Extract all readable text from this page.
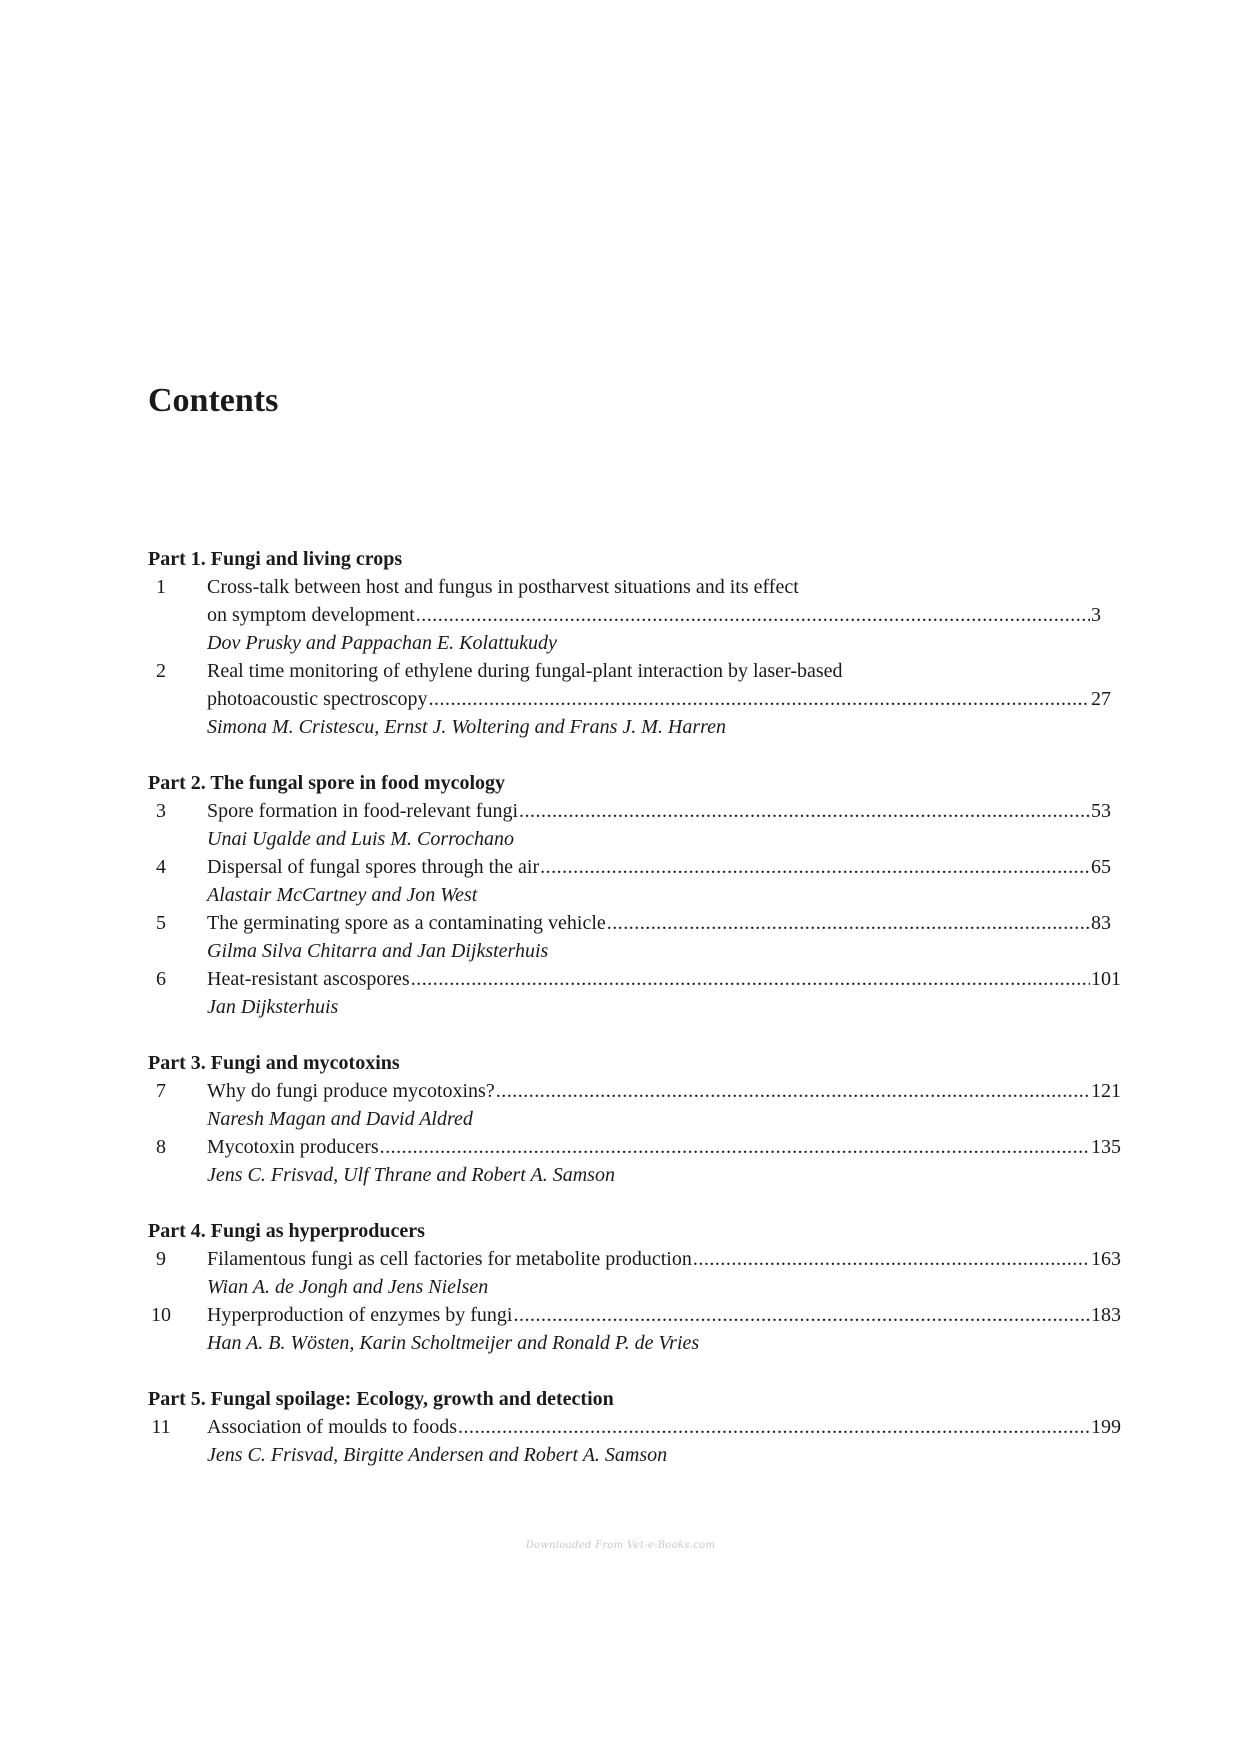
Contents
Part 1. Fungi and living crops
1	Cross-talk between host and fungus in postharvest situations and its effect
on symptom development .....	3
Dov Prusky and Pappachan E. Kolattukudy
2	Real time monitoring of ethylene during fungal-plant interaction by laser-based
photoacoustic spectroscopy .....	27
Simona M. Cristescu, Ernst J. Woltering and Frans J. M. Harren
Part 2. The fungal spore in food mycology
3	Spore formation in food-relevant fungi .....	53
Unai Ugalde and Luis M. Corrochano
4	Dispersal of fungal spores through the air .....	65
Alastair McCartney and Jon West
5	The germinating spore as a contaminating vehicle .....	83
Gilma Silva Chitarra and Jan Dijksterhuis
6	Heat-resistant ascospores .....	101
Jan Dijksterhuis
Part 3. Fungi and mycotoxins
7	Why do fungi produce mycotoxins? .....	121
Naresh Magan and David Aldred
8	Mycotoxin producers .....	135
Jens C. Frisvad, Ulf Thrane and Robert A. Samson
Part 4. Fungi as hyperproducers
9	Filamentous fungi as cell factories for metabolite production .....	163
Wian A. de Jongh and Jens Nielsen
10 Hyperproduction of enzymes by fungi .....	183
Han A. B. Wösten, Karin Scholtmeijer and Ronald P. de Vries
Part 5. Fungal spoilage: Ecology, growth and detection
11 Association of moulds to foods .....	199
Jens C. Frisvad, Birgitte Andersen and Robert A. Samson
Downloaded From Vet-e-Books.com
